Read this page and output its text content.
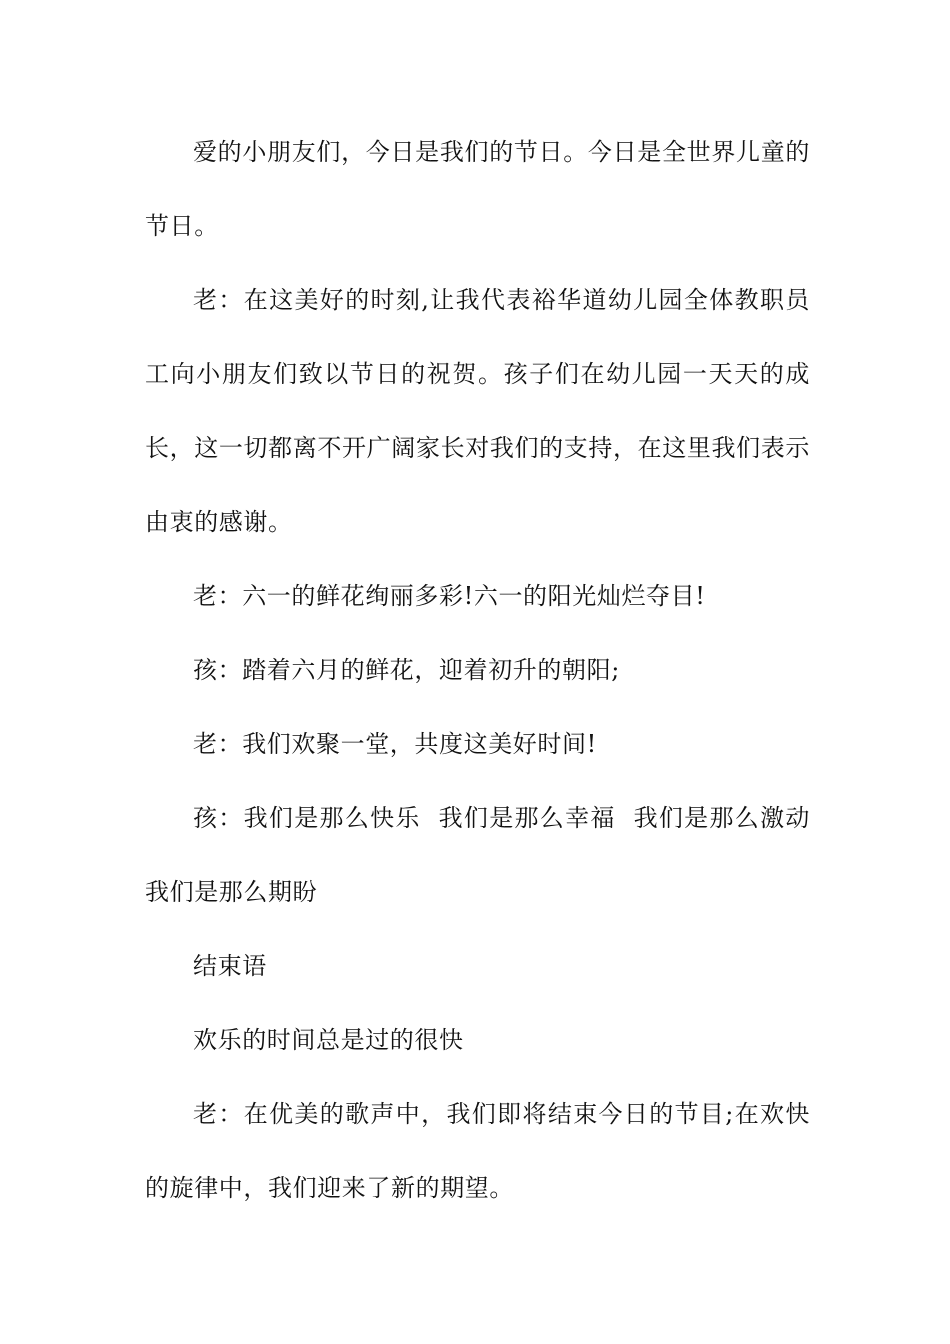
爱的小朋友们，今日是我们的节日。今日是全世界儿童的节日。

老：在这美好的时刻,让我代表裕华道幼儿园全体教职员工向小朋友们致以节日的祝贺。孩子们在幼儿园一天天的成长，这一切都离不开广阔家长对我们的支持，在这里我们表示由衷的感谢。

老：六一的鲜花绚丽多彩!六一的阳光灿烂夺目!

孩：踏着六月的鲜花，迎着初升的朝阳;

老：我们欢聚一堂，共度这美好时间!

孩：我们是那么快乐  我们是那么幸福  我们是那么激动  我们是那么期盼

结束语

欢乐的时间总是过的很快

老：在优美的歌声中，我们即将结束今日的节目;在欢快的旋律中，我们迎来了新的期望。
